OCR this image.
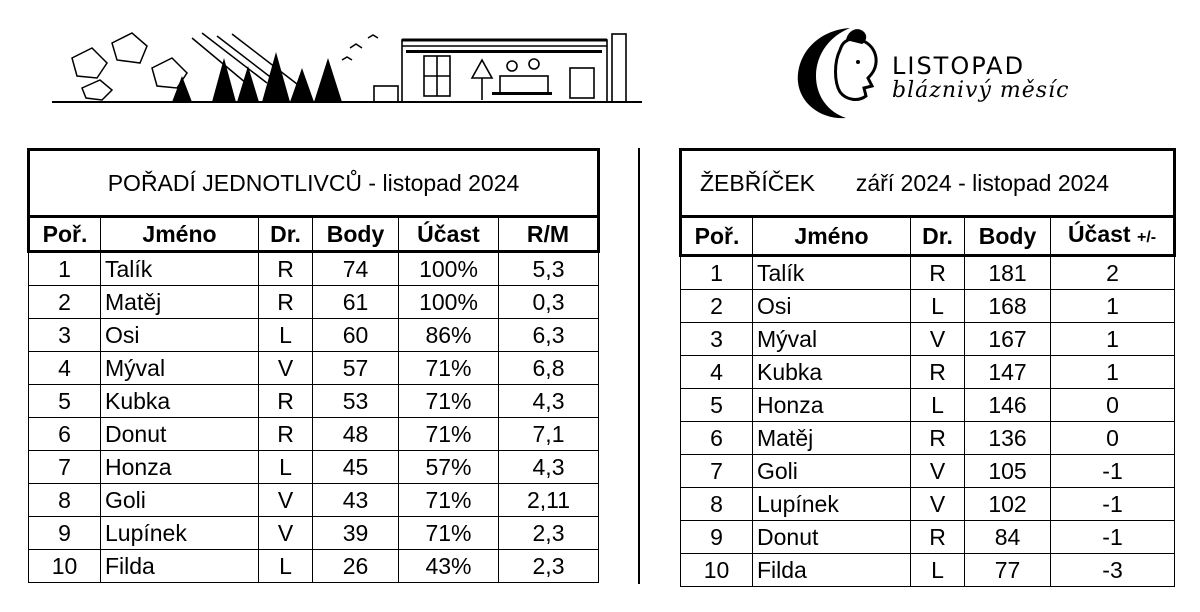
LISTOPAD
bláznivý měsíc
POŘADÍ JEDNOTLIVCŮ - listopad 2024					
Poř.	Jméno	Dr.	Body	Účast	R/M
1	Talík	R	74	100%	5,3
2	Matěj	R	61	100%	0,3
3	Osi	L	60	86%	6,3
4	Mýval	V	57	71%	6,8
5	Kubka	R	53	71%	4,3
6	Donut	R	48	71%	7,1
7	Honza	L	45	57%	4,3
8	Goli	V	43	71%	2,11
9	Lupínek	V	39	71%	2,3
10	Filda	L	26	43%	2,3
ŽEBŘÍČEK září 2024 - listopad 2024				
Poř.	Jméno	Dr.	Body	Účast +/-
1	Talík	R	181	2
2	Osi	L	168	1
3	Mýval	V	167	1
4	Kubka	R	147	1
5	Honza	L	146	0
6	Matěj	R	136	0
7	Goli	V	105	-1
8	Lupínek	V	102	-1
9	Donut	R	84	-1
10	Filda	L	77	-3
